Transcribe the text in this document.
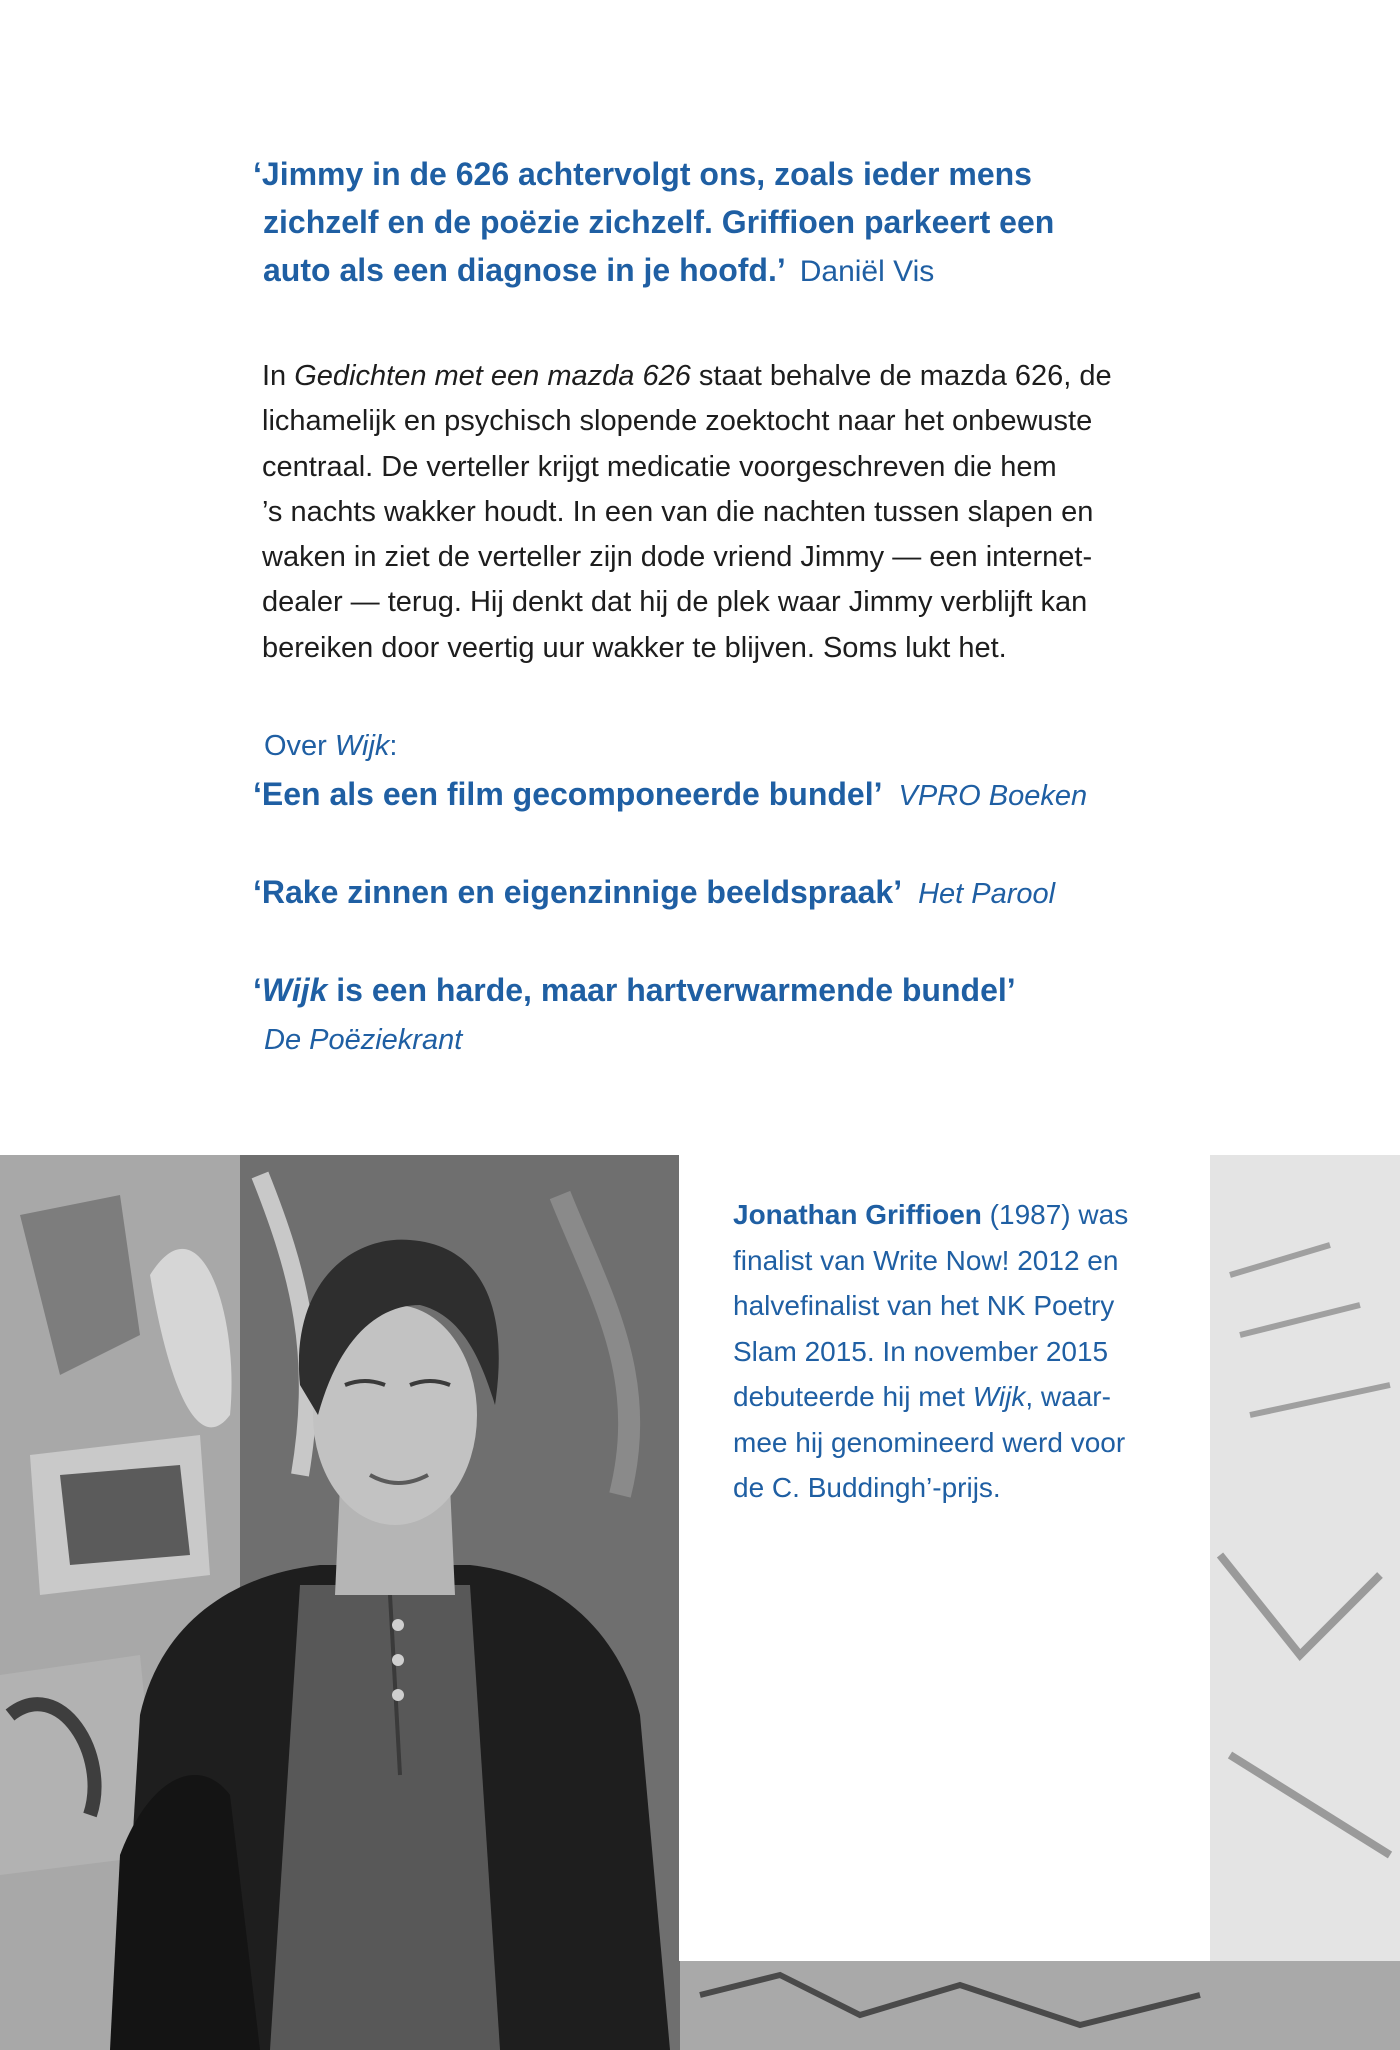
‘Jimmy in de 626 achtervolgt ons, zoals ieder mens
zichzelf en de poëzie zichzelf. Griffioen parkeert een
auto als een diagnose in je hoofd.’ Daniël Vis

In Gedichten met een mazda 626 staat behalve de mazda 626, de
lichamelijk en psychisch slopende zoektocht naar het onbewuste
centraal. De verteller krijgt medicatie voorgeschreven die hem
’s nachts wakker houdt. In een van die nachten tussen slapen en
waken in ziet de verteller zijn dode vriend Jimmy — een internet-
dealer — terug. Hij denkt dat hij de plek waar Jimmy verblijft kan
bereiken door veertig uur wakker te blijven. Soms lukt het.

Over Wijk:
‘Een als een film gecomponeerde bundel’ VPRO Boeken
‘Rake zinnen en eigenzinnige beeldspraak’ Het Parool
‘Wijk is een harde, maar hartverwarmende bundel’
De Poëziekrant

Jonathan Griffioen (1987) was
finalist van Write Now! 2012 en
halvefinalist van het NK Poetry
Slam 2015. In november 2015
debuteerde hij met Wijk, waar-
mee hij genomineerd werd voor
de C. Buddingh’-prijs.
